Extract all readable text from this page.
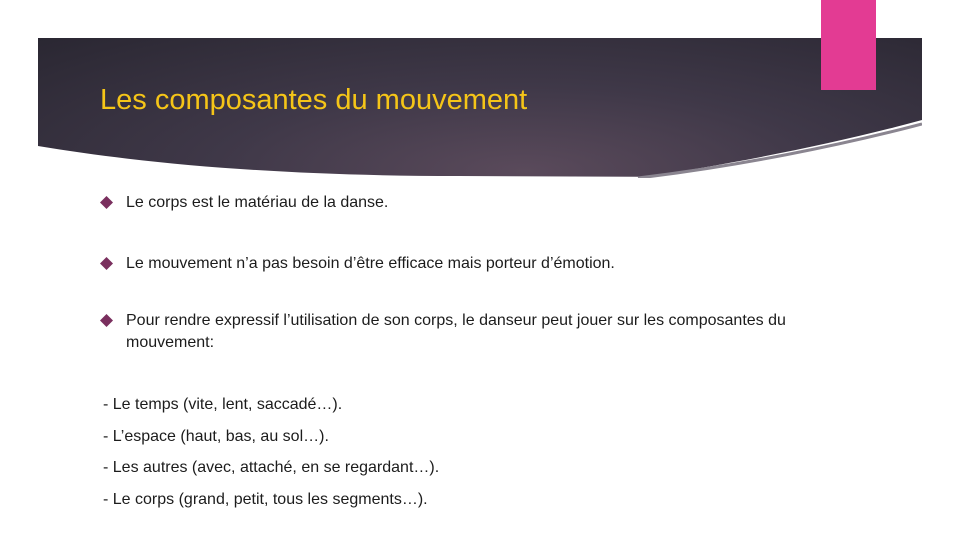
Les composantes du mouvement
Le corps est le matériau de la danse.
Le mouvement n’a pas besoin d’être efficace mais porteur d’émotion.
Pour rendre expressif l’utilisation de son corps, le danseur peut jouer sur les composantes du mouvement:
- Le temps (vite, lent, saccadé…).
- L’espace (haut, bas, au sol…).
- Les autres (avec, attaché, en se regardant…).
- Le corps (grand, petit, tous les segments…).
